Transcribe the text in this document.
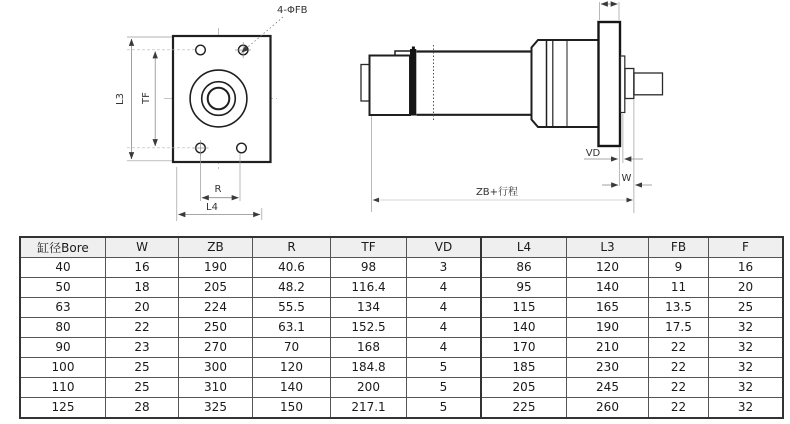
4-ΦFB
L3 TF
R
L4
VD
W
ZB+行程
缸径Bore	W	ZB	R	TF	VD	L4	L3	FB	F
40	16	190	40.6	98	3	86	120	9	16
50	18	205	48.2	116.4	4	95	140	11	20
63	20	224	55.5	134	4	115	165	13.5	25
80	22	250	63.1	152.5	4	140	190	17.5	32
90	23	270	70	168	4	170	210	22	32
100	25	300	120	184.8	5	185	230	22	32
110	25	310	140	200	5	205	245	22	32
125	28	325	150	217.1	5	225	260	22	32
